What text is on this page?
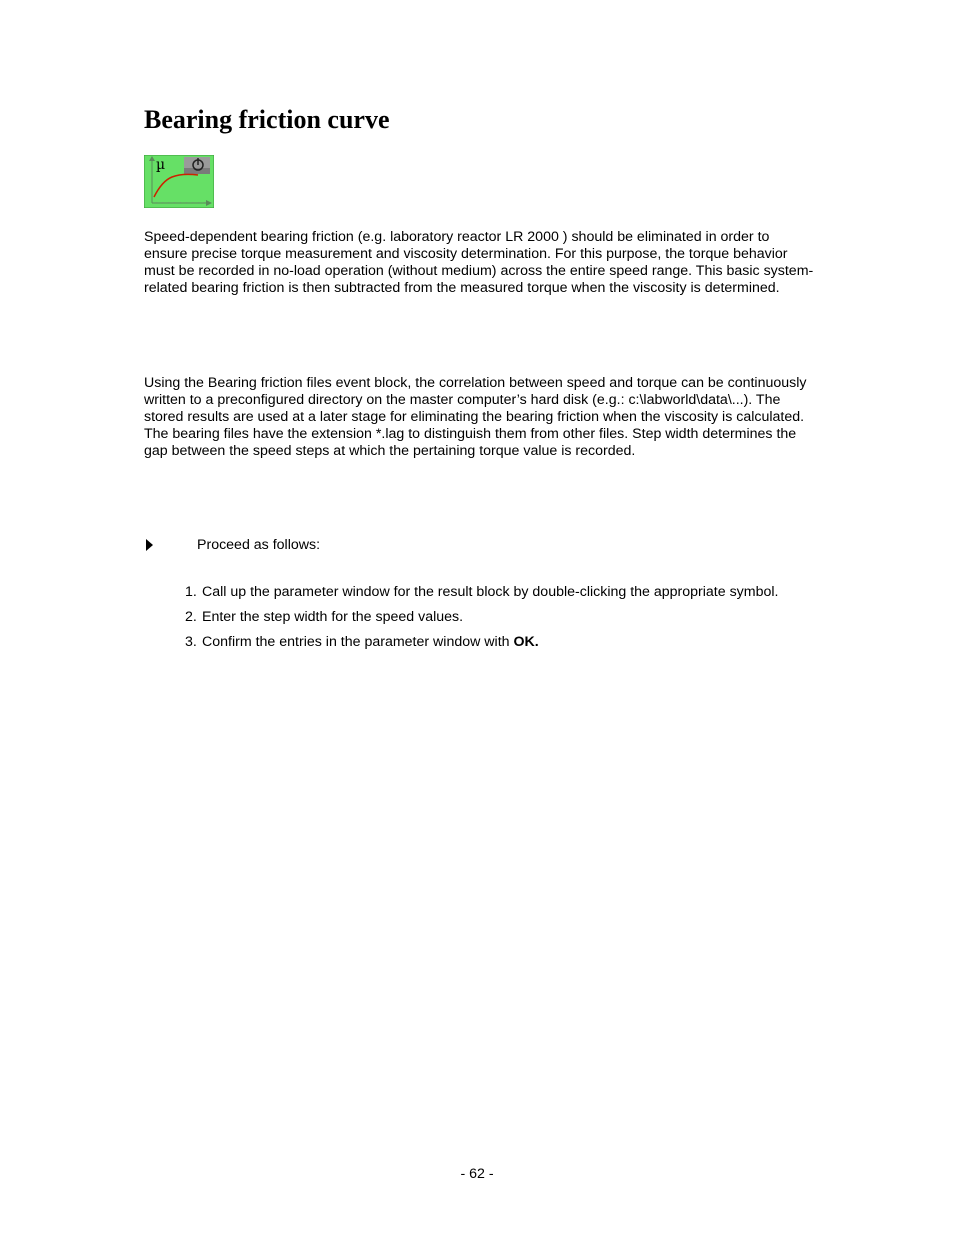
Bearing friction curve
µ

Speed-dependent bearing friction (e.g. laboratory reactor LR 2000 ) should be eliminated in order to ensure precise torque measurement and viscosity determination. For this purpose, the torque behavior must be recorded in no-load operation (without medium) across the entire speed range. This basic system-related bearing friction is then subtracted from the measured torque when the viscosity is determined.

Using the Bearing friction files event block, the correlation between speed and torque can be continuously written to a preconfigured directory on the master computer’s hard disk (e.g.: c:\labworld\data\...). The stored results are used at a later stage for eliminating the bearing friction when the viscosity is calculated. The bearing files have the extension *.lag to distinguish them from other files. Step width determines the gap between the speed steps at which the pertaining torque value is recorded.

Proceed as follows:
1. Call up the parameter window for the result block by double-clicking the appropriate symbol.
2. Enter the step width for the speed values.
3. Confirm the entries in the parameter window with OK.
- 62 -
